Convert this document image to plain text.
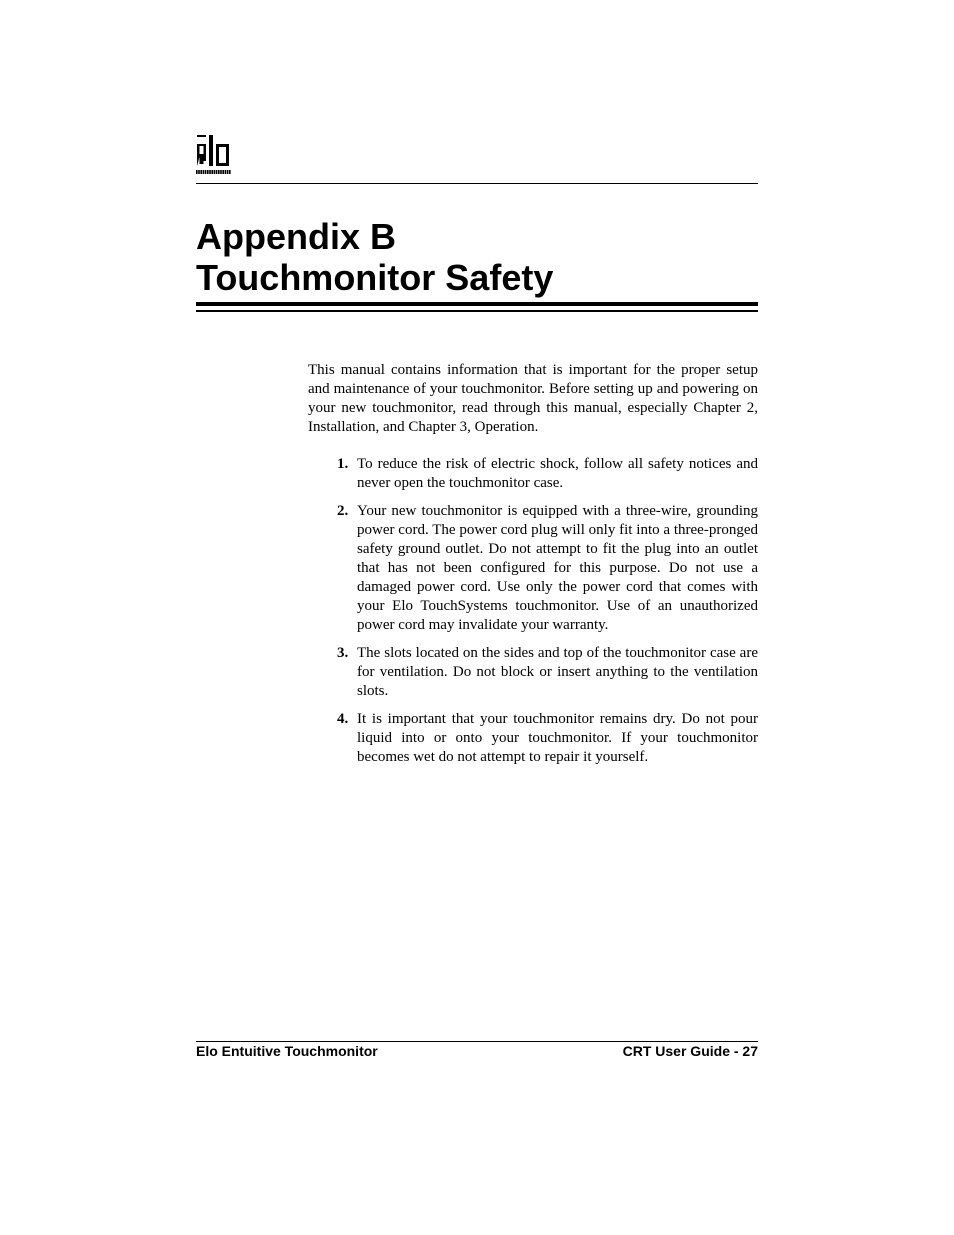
Appendix B
Touchmonitor Safety

This manual contains information that is important for the proper setup and maintenance of your touchmonitor. Before setting up and powering on your new touchmonitor, read through this manual, especially Chapter 2, Installation, and Chapter 3, Operation.

1. To reduce the risk of electric shock, follow all safety notices and never open the touchmonitor case.
2. Your new touchmonitor is equipped with a three-wire, grounding power cord. The power cord plug will only fit into a three-pronged safety ground outlet. Do not attempt to fit the plug into an outlet that has not been configured for this purpose. Do not use a damaged power cord. Use only the power cord that comes with your Elo TouchSystems touchmonitor. Use of an unauthorized power cord may invalidate your warranty.
3. The slots located on the sides and top of the touchmonitor case are for ventilation. Do not block or insert anything to the ventilation slots.
4. It is important that your touchmonitor remains dry. Do not pour liquid into or onto your touchmonitor. If your touchmonitor becomes wet do not attempt to repair it yourself.
Elo Entuitive Touchmonitor	CRT User Guide - 27
